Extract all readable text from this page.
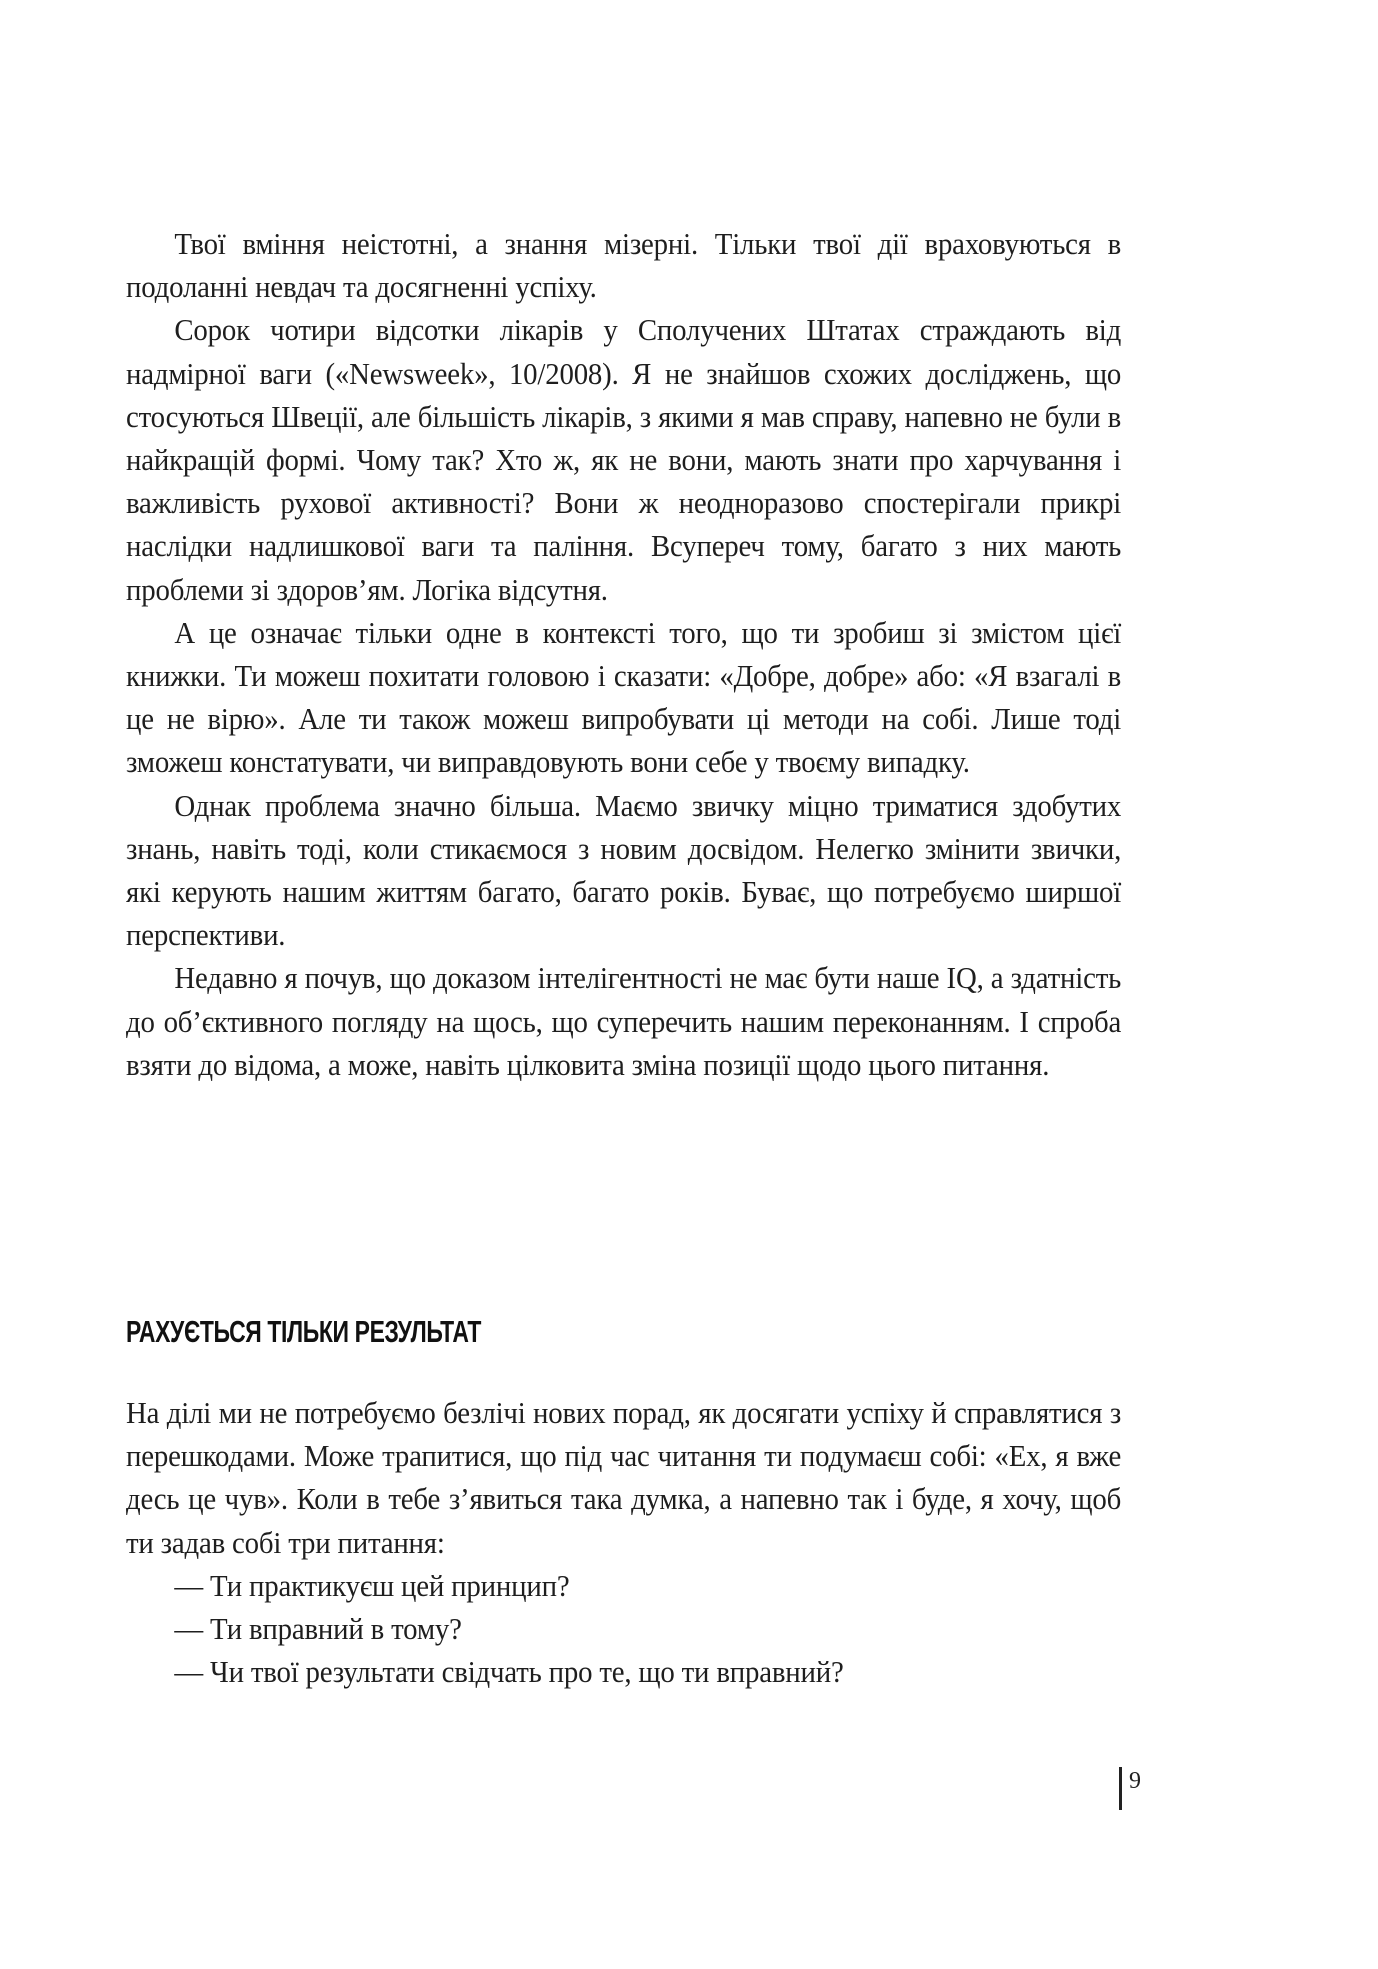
Твої вміння неістотні, а знання мізерні. Тільки твої дії враховуються в подоланні невдач та досягненні успіху.

Сорок чотири відсотки лікарів у Сполучених Штатах страждають від надмірної ваги («Newsweek», 10/2008). Я не знайшов схожих досліджень, що стосуються Швеції, але більшість лікарів, з якими я мав справу, напевно не були в найкращій формі. Чому так? Хто ж, як не вони, мають знати про харчування і важливість рухової активності? Вони ж неодноразово спостерігали прикрі наслідки надлишкової ваги та паління. Всупереч тому, багато з них мають проблеми зі здоров’ям. Логіка відсутня.

А це означає тільки одне в контексті того, що ти зробиш зі змістом цієї книжки. Ти можеш похитати головою і сказати: «Добре, добре» або: «Я взагалі в це не вірю». Але ти також можеш випробувати ці методи на собі. Лише тоді зможеш констатувати, чи виправдовують вони себе у твоєму випадку.

Однак проблема значно більша. Маємо звичку міцно триматися здобутих знань, навіть тоді, коли стикаємося з новим досвідом. Нелегко змінити звички, які керують нашим життям багато, багато років. Буває, що потребуємо ширшої перспективи.

Недавно я почув, що доказом інтелігентності не має бути наше IQ, а здатність до об’єктивного погляду на щось, що суперечить нашим переконанням. І спроба взяти до відома, а може, навіть цілковита зміна позиції щодо цього питання.

РАХУЄТЬСЯ ТІЛЬКИ РЕЗУЛЬТАТ

На ділі ми не потребуємо безлічі нових порад, як досягати успіху й справлятися з перешкодами. Може трапитися, що під час читання ти подумаєш собі: «Ех, я вже десь це чув». Коли в тебе з’явиться така думка, а напевно так і буде, я хочу, щоб ти задав собі три питання:

— Ти практикуєш цей принцип?
— Ти вправний в тому?
— Чи твої результати свідчать про те, що ти вправний?
9
